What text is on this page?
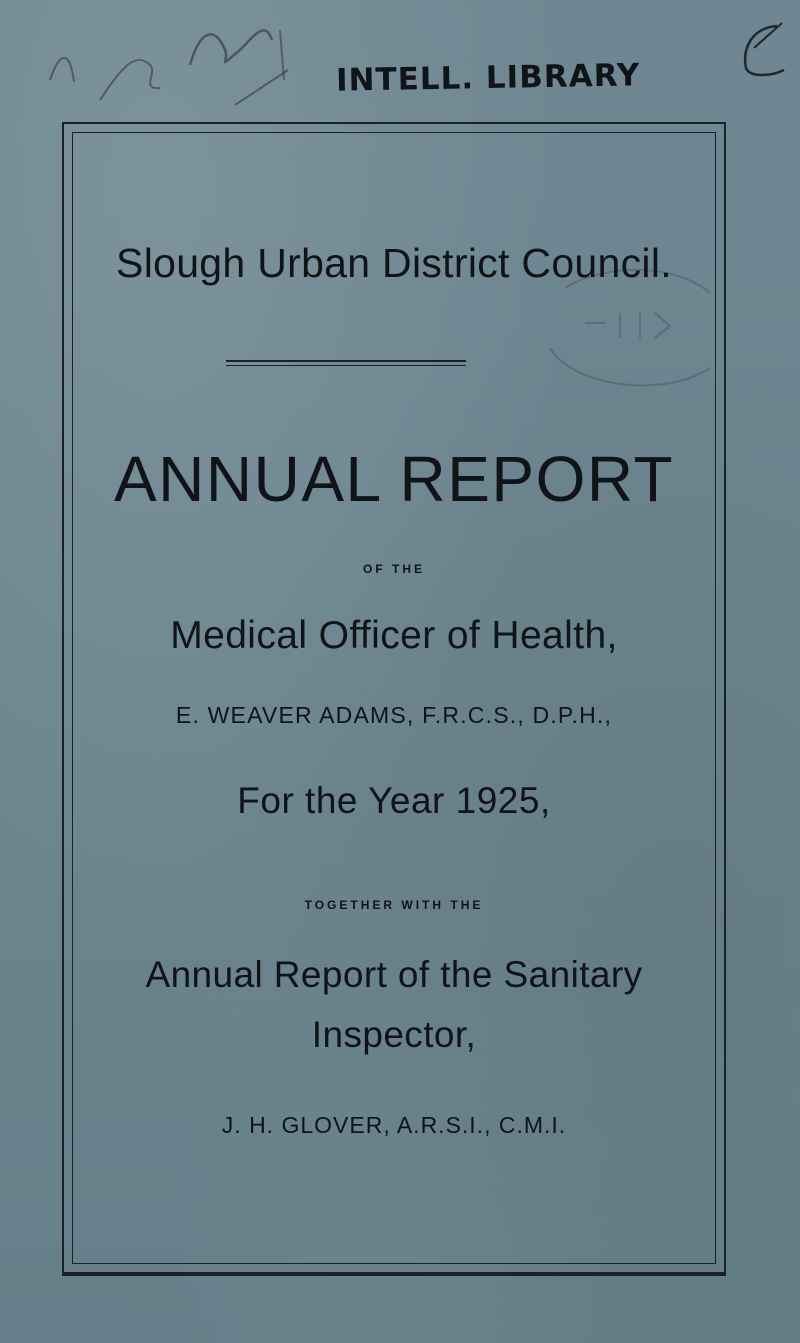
INTELL. LIBRARY
Slough Urban District Council.
ANNUAL REPORT
OF THE
Medical Officer of Health,
E. WEAVER ADAMS, F.R.C.S., D.P.H.,
For the Year 1925,
TOGETHER WITH THE
Annual Report of the Sanitary
Inspector,
J. H. GLOVER, A.R.S.I., C.M.I.
